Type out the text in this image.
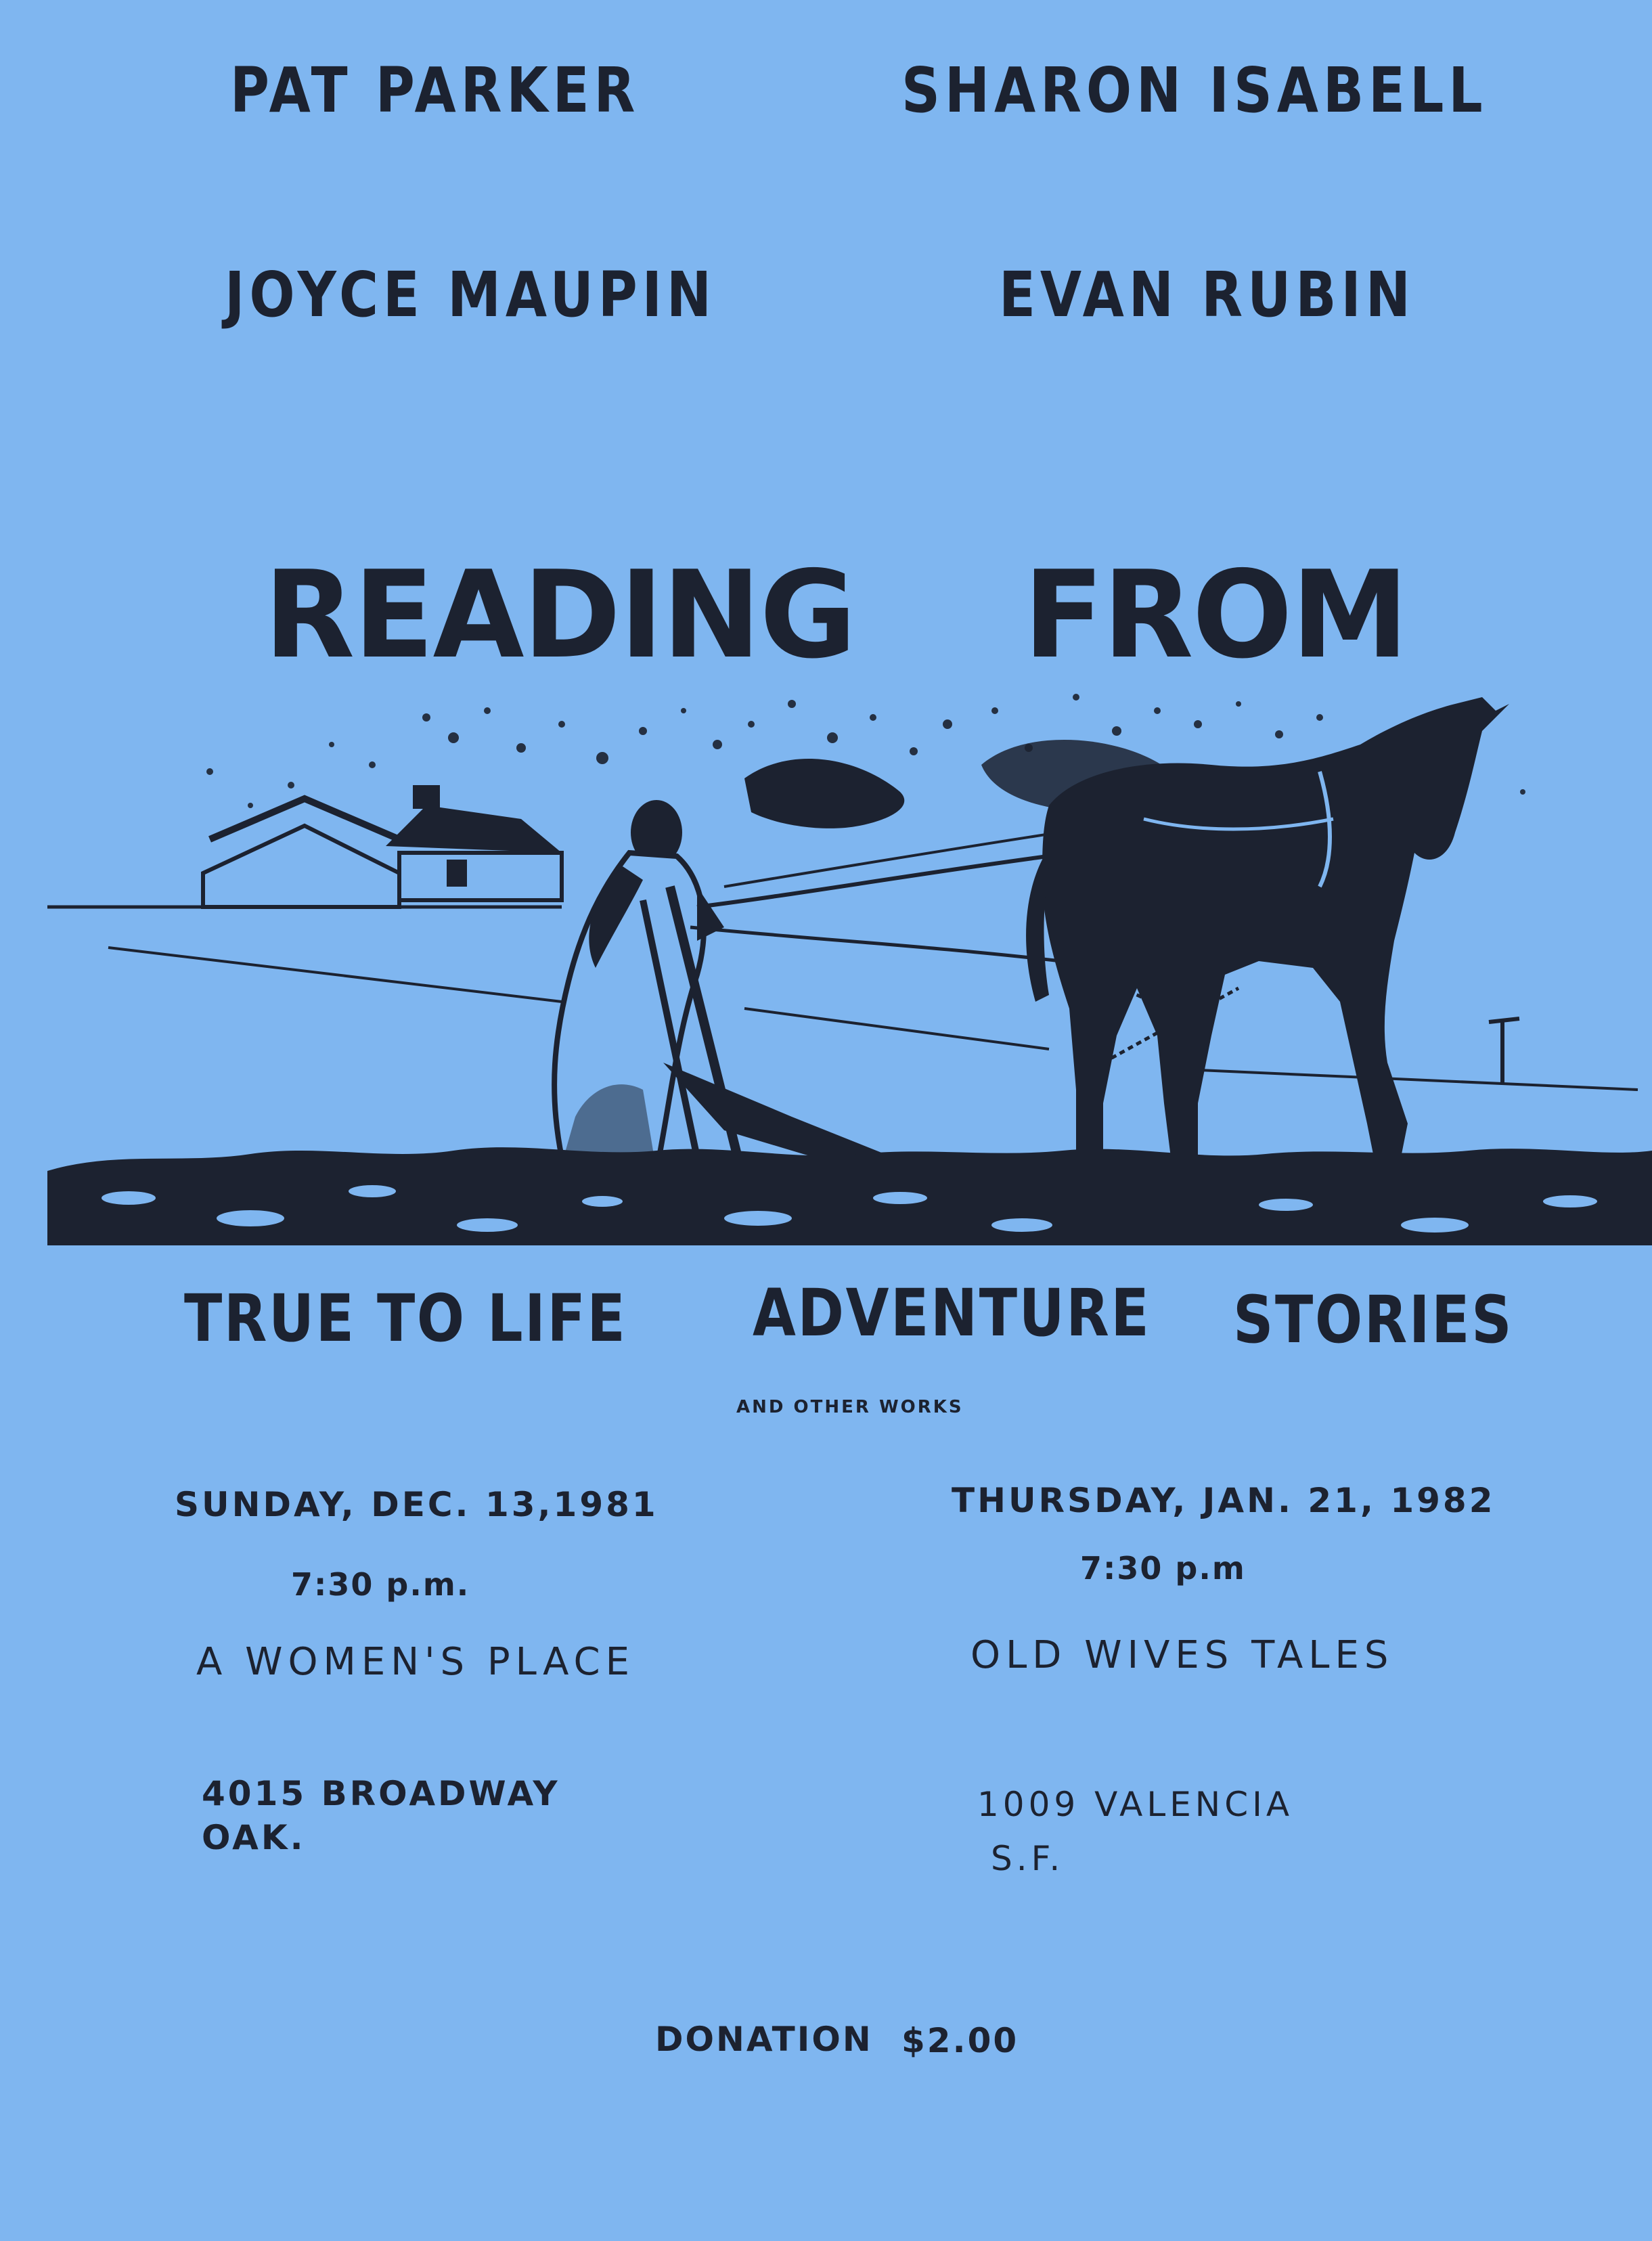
PAT PARKER	SHARON ISABELL
JOYCE MAUPIN	EVAN RUBIN
READING FROM
TRUE TO LIFE ADVENTURE STORIES
AND OTHER WORKS
SUNDAY, DEC. 13,1981
7:30 p.m.
A WOMEN'S PLACE
4015 BROADWAY
OAK.
THURSDAY, JAN. 21, 1982
7:30 p.m
OLD WIVES TALES
1009 VALENCIA
S.F.
DONATION $2.00
